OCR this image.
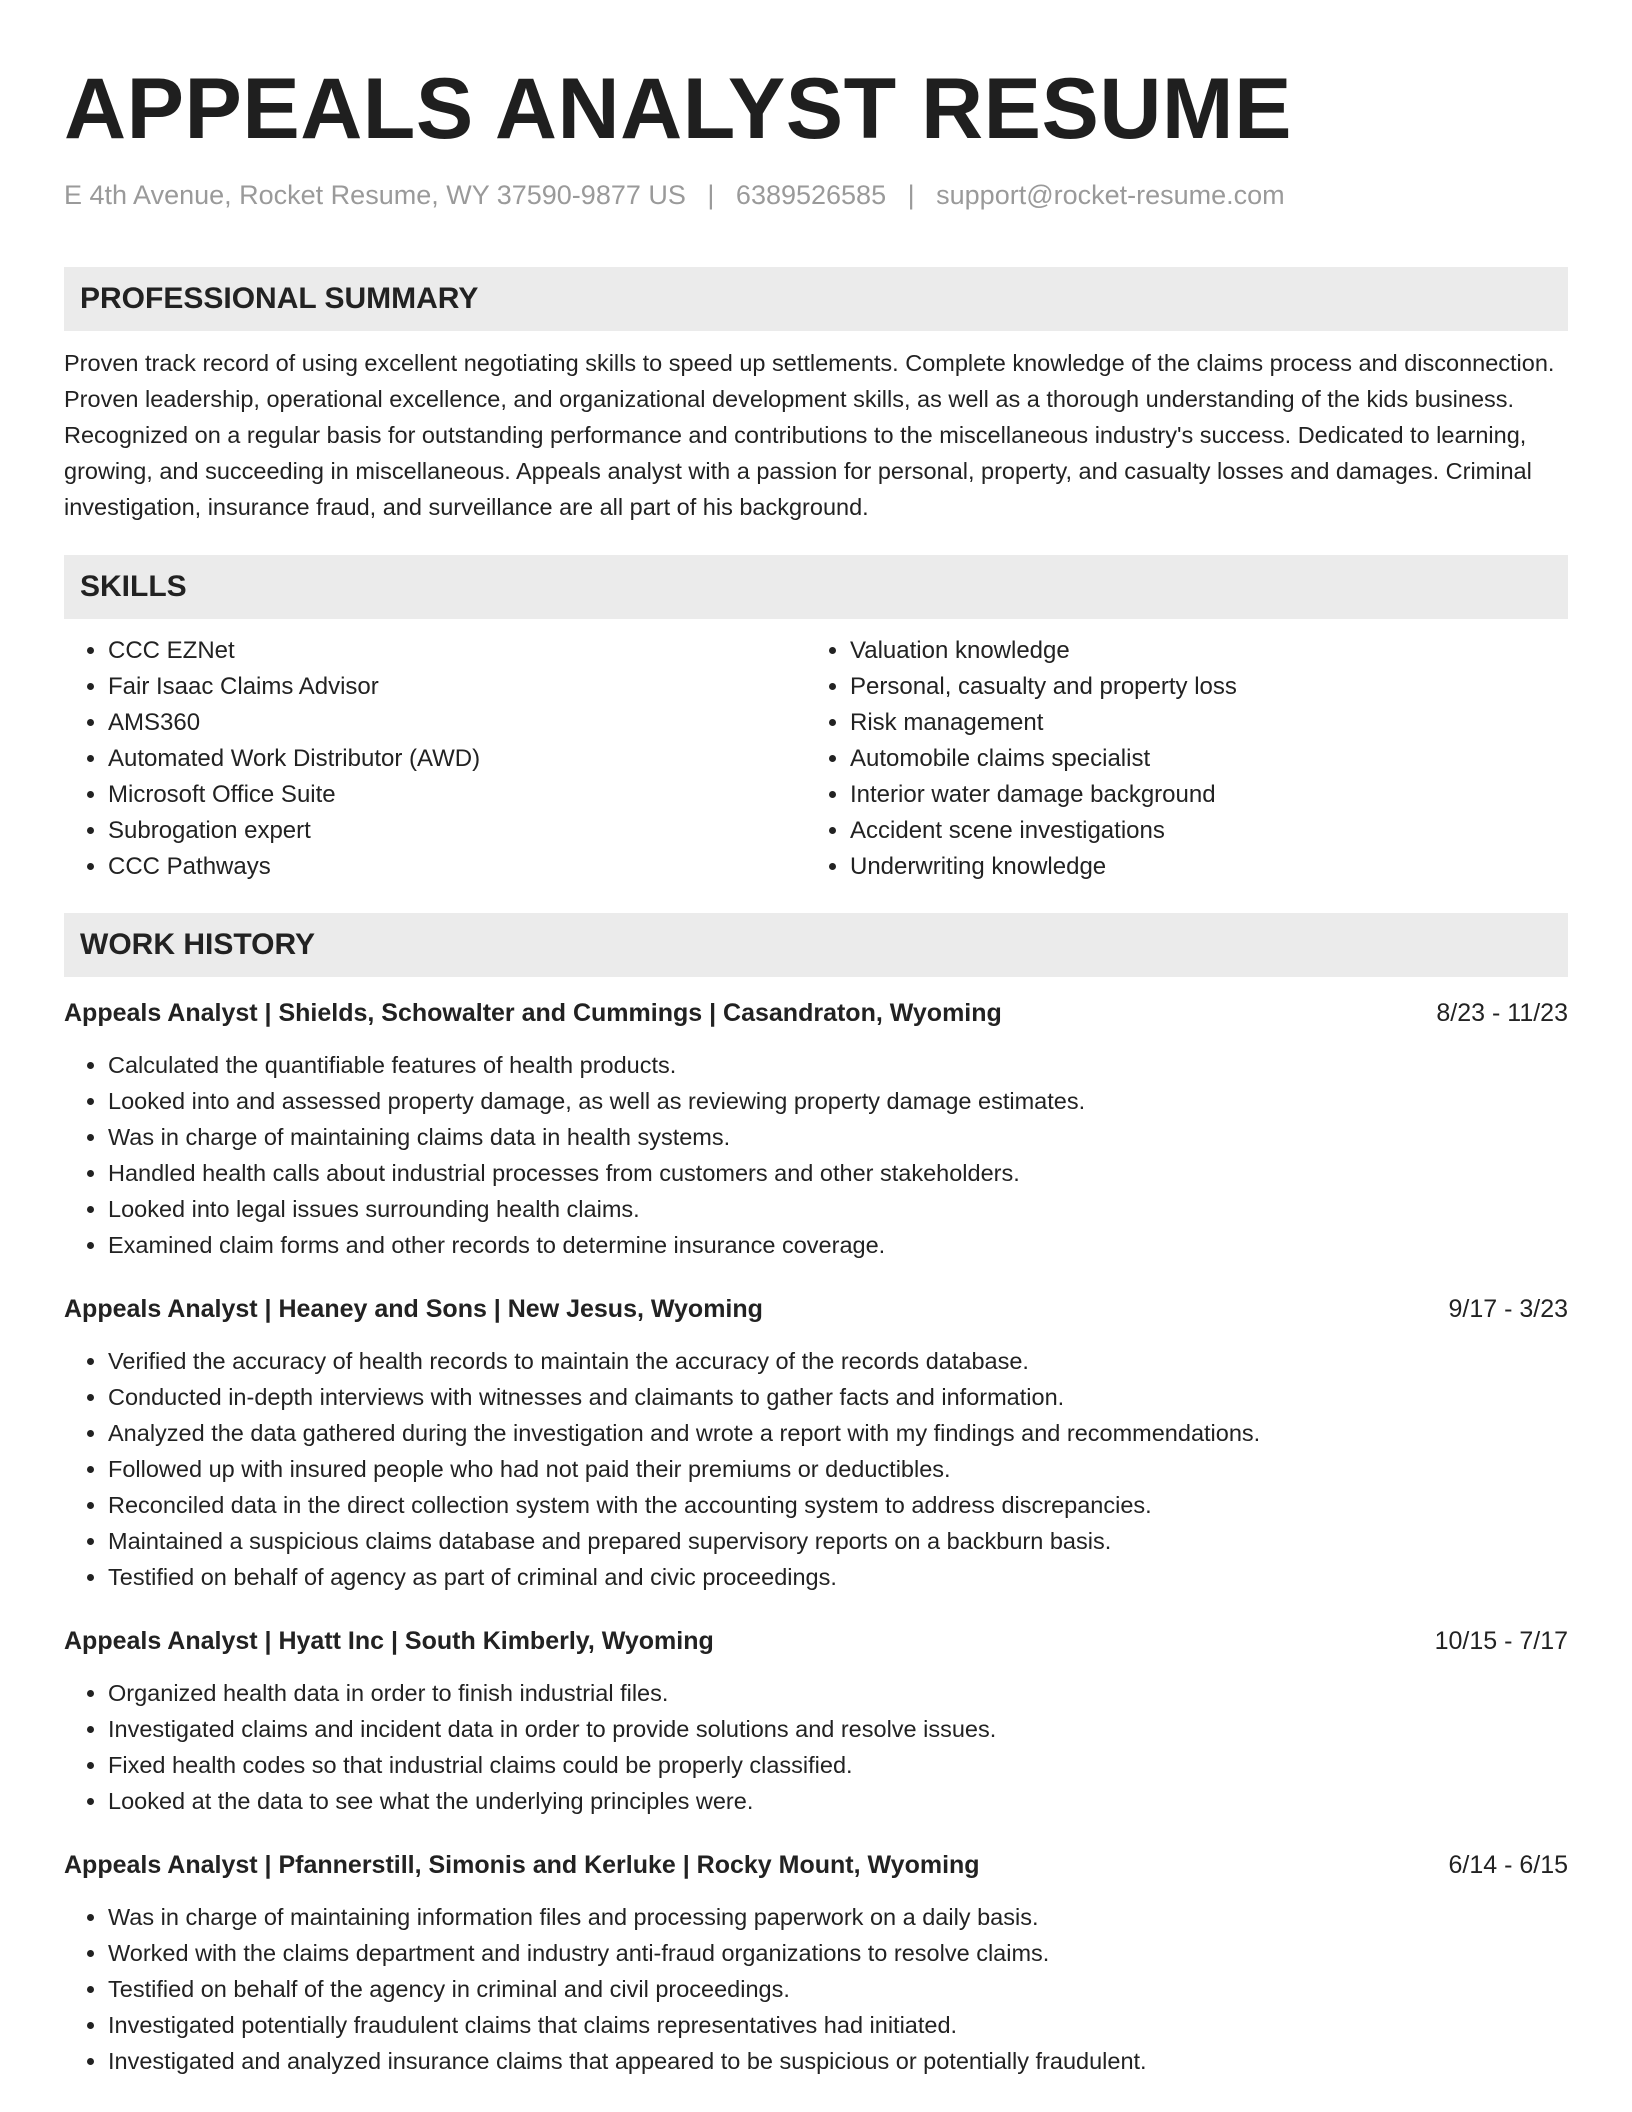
APPEALS ANALYST RESUME
E 4th Avenue, Rocket Resume, WY 37590-9877 US | 6389526585 | support@rocket-resume.com
PROFESSIONAL SUMMARY

Proven track record of using excellent negotiating skills to speed up settlements. Complete knowledge of the claims process and disconnection. Proven leadership, operational excellence, and organizational development skills, as well as a thorough understanding of the kids business. Recognized on a regular basis for outstanding performance and contributions to the miscellaneous industry's success. Dedicated to learning, growing, and succeeding in miscellaneous. Appeals analyst with a passion for personal, property, and casualty losses and damages. Criminal investigation, insurance fraud, and surveillance are all part of his background.

SKILLS
• CCC EZNet
• Fair Isaac Claims Advisor
• AMS360
• Automated Work Distributor (AWD)
• Microsoft Office Suite
• Subrogation expert
• CCC Pathways
• Valuation knowledge
• Personal, casualty and property loss
• Risk management
• Automobile claims specialist
• Interior water damage background
• Accident scene investigations
• Underwriting knowledge
WORK HISTORY
Appeals Analyst | Shields, Schowalter and Cummings | Casandraton, Wyoming	8/23 - 11/23
• Calculated the quantifiable features of health products.
• Looked into and assessed property damage, as well as reviewing property damage estimates.
• Was in charge of maintaining claims data in health systems.
• Handled health calls about industrial processes from customers and other stakeholders.
• Looked into legal issues surrounding health claims.
• Examined claim forms and other records to determine insurance coverage.
Appeals Analyst | Heaney and Sons | New Jesus, Wyoming	9/17 - 3/23
• Verified the accuracy of health records to maintain the accuracy of the records database.
• Conducted in-depth interviews with witnesses and claimants to gather facts and information.
• Analyzed the data gathered during the investigation and wrote a report with my findings and recommendations.
• Followed up with insured people who had not paid their premiums or deductibles.
• Reconciled data in the direct collection system with the accounting system to address discrepancies.
• Maintained a suspicious claims database and prepared supervisory reports on a backburn basis.
• Testified on behalf of agency as part of criminal and civic proceedings.
Appeals Analyst | Hyatt Inc | South Kimberly, Wyoming	10/15 - 7/17
• Organized health data in order to finish industrial files.
• Investigated claims and incident data in order to provide solutions and resolve issues.
• Fixed health codes so that industrial claims could be properly classified.
• Looked at the data to see what the underlying principles were.
Appeals Analyst | Pfannerstill, Simonis and Kerluke | Rocky Mount, Wyoming	6/14 - 6/15
• Was in charge of maintaining information files and processing paperwork on a daily basis.
• Worked with the claims department and industry anti-fraud organizations to resolve claims.
• Testified on behalf of the agency in criminal and civil proceedings.
• Investigated potentially fraudulent claims that claims representatives had initiated.
• Investigated and analyzed insurance claims that appeared to be suspicious or potentially fraudulent.
